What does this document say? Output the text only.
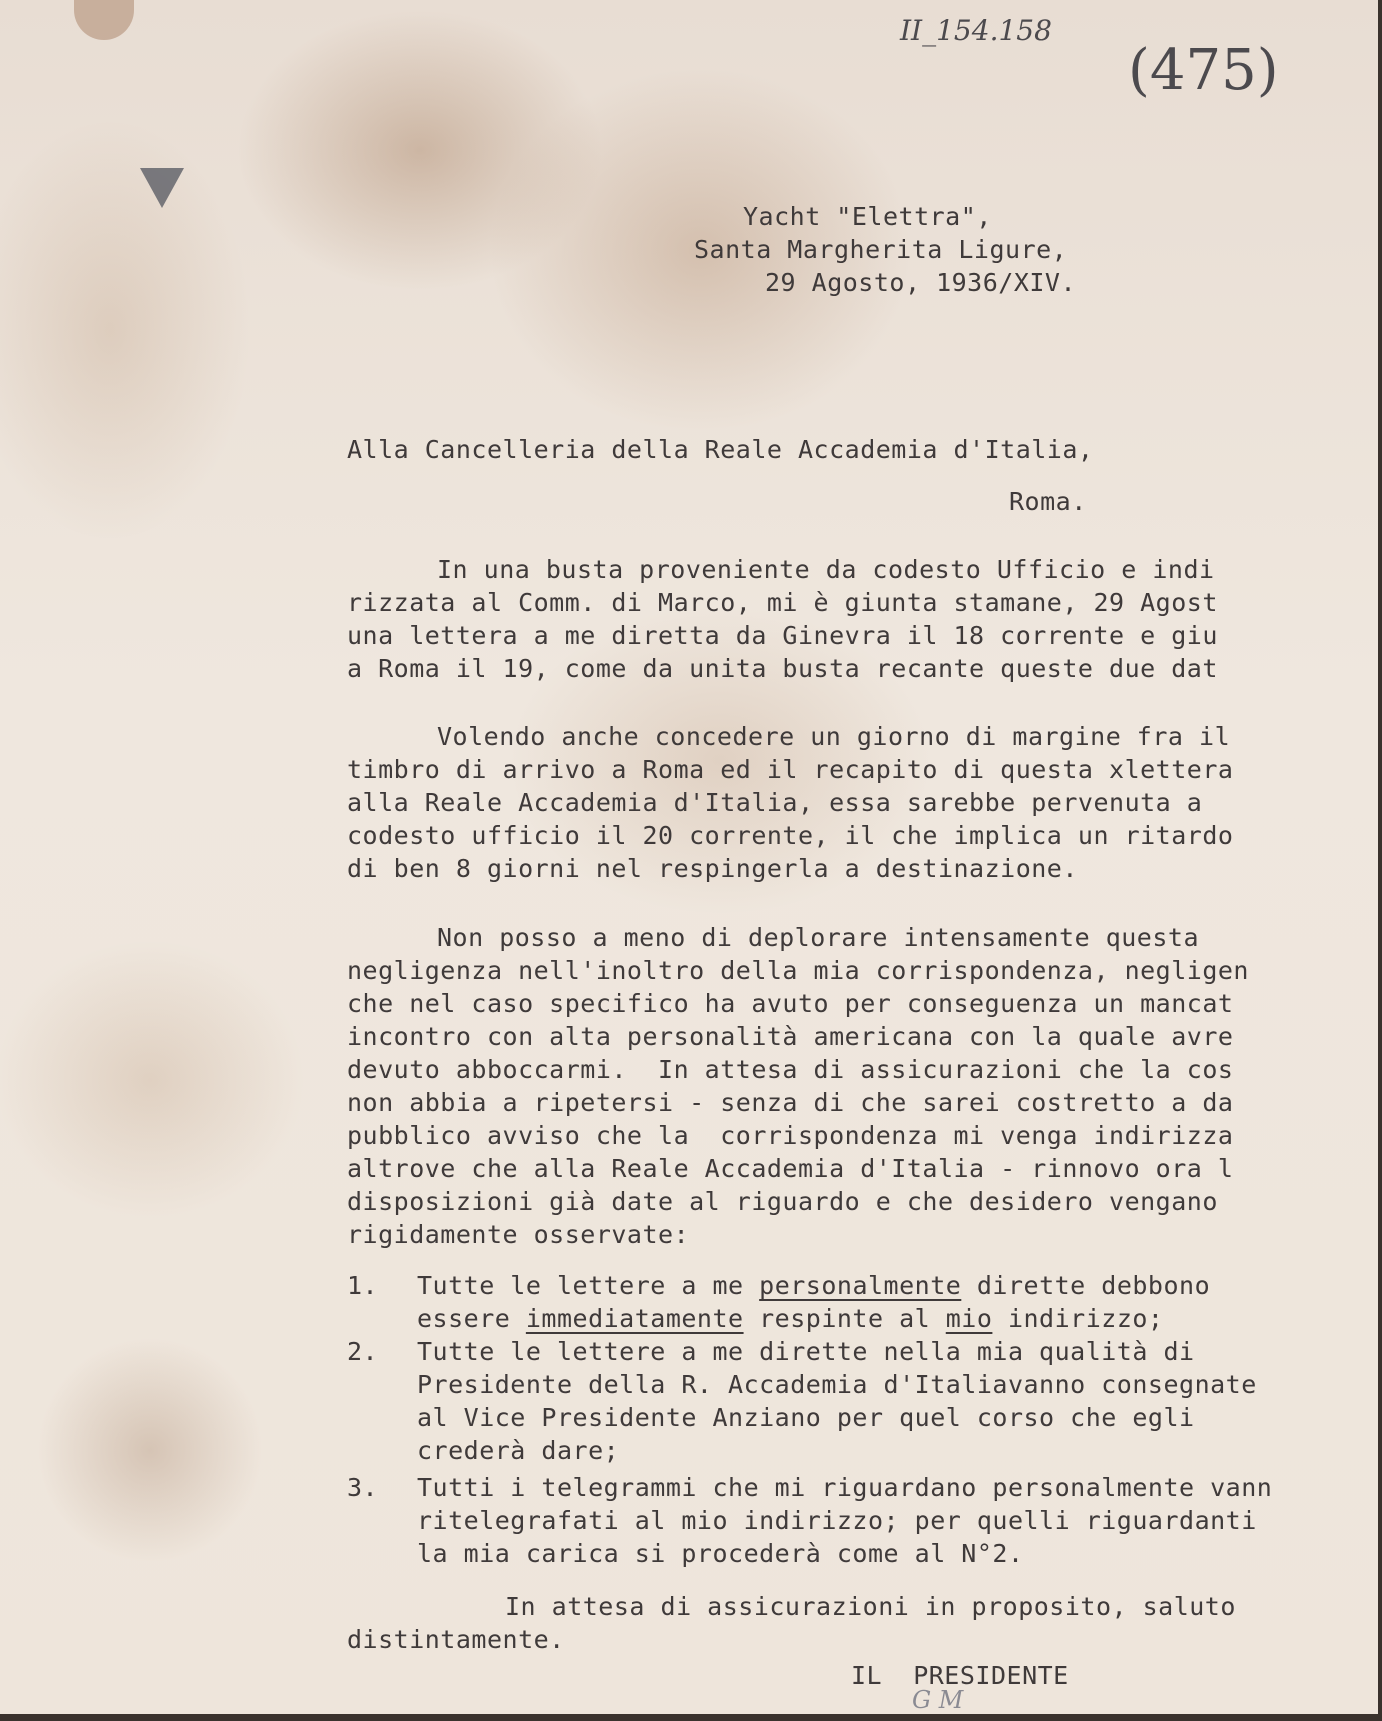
II_154.158
(475)

Yacht "Elettra",

Santa Margherita Ligure,

29 Agosto, 1936/XIV.

Alla Cancelleria della Reale Accademia d'Italia,

Roma.

In una busta proveniente da codesto Ufficio e indi

rizzata al Comm. di Marco, mi è giunta stamane, 29 Agost

una lettera a me diretta da Ginevra il 18 corrente e giu

a Roma il 19, come da unita busta recante queste due dat

Volendo anche concedere un giorno di margine fra il

timbro di arrivo a Roma ed il recapito di questa xlettera

alla Reale Accademia d'Italia, essa sarebbe pervenuta a

codesto ufficio il 20 corrente, il che implica un ritardo

di ben 8 giorni nel respingerla a destinazione.

Non posso a meno di deplorare intensamente questa

negligenza nell'inoltro della mia corrispondenza, negligen

che nel caso specifico ha avuto per conseguenza un mancat

incontro con alta personalità americana con la quale avre

devuto abboccarmi.  In attesa di assicurazioni che la cos

non abbia a ripetersi - senza di che sarei costretto a da

pubblico avviso che la  corrispondenza mi venga indirizza

altrove che alla Reale Accademia d'Italia - rinnovo ora l

disposizioni già date al riguardo e che desidero vengano

rigidamente osservate:

1. Tutte le lettere a me personalmente dirette debbono

essere immediatamente respinte al mio indirizzo;

2. Tutte le lettere a me dirette nella mia qualità di

Presidente della R. Accademia d'Italiavanno consegnate

al Vice Presidente Anziano per quel corso che egli

crederà dare;

3. Tutti i telegrammi che mi riguardano personalmente vann

ritelegrafati al mio indirizzo; per quelli riguardanti

la mia carica si procederà come al N°2.

In attesa di assicurazioni in proposito, saluto

distintamente.

IL  PRESIDENTE

G M
